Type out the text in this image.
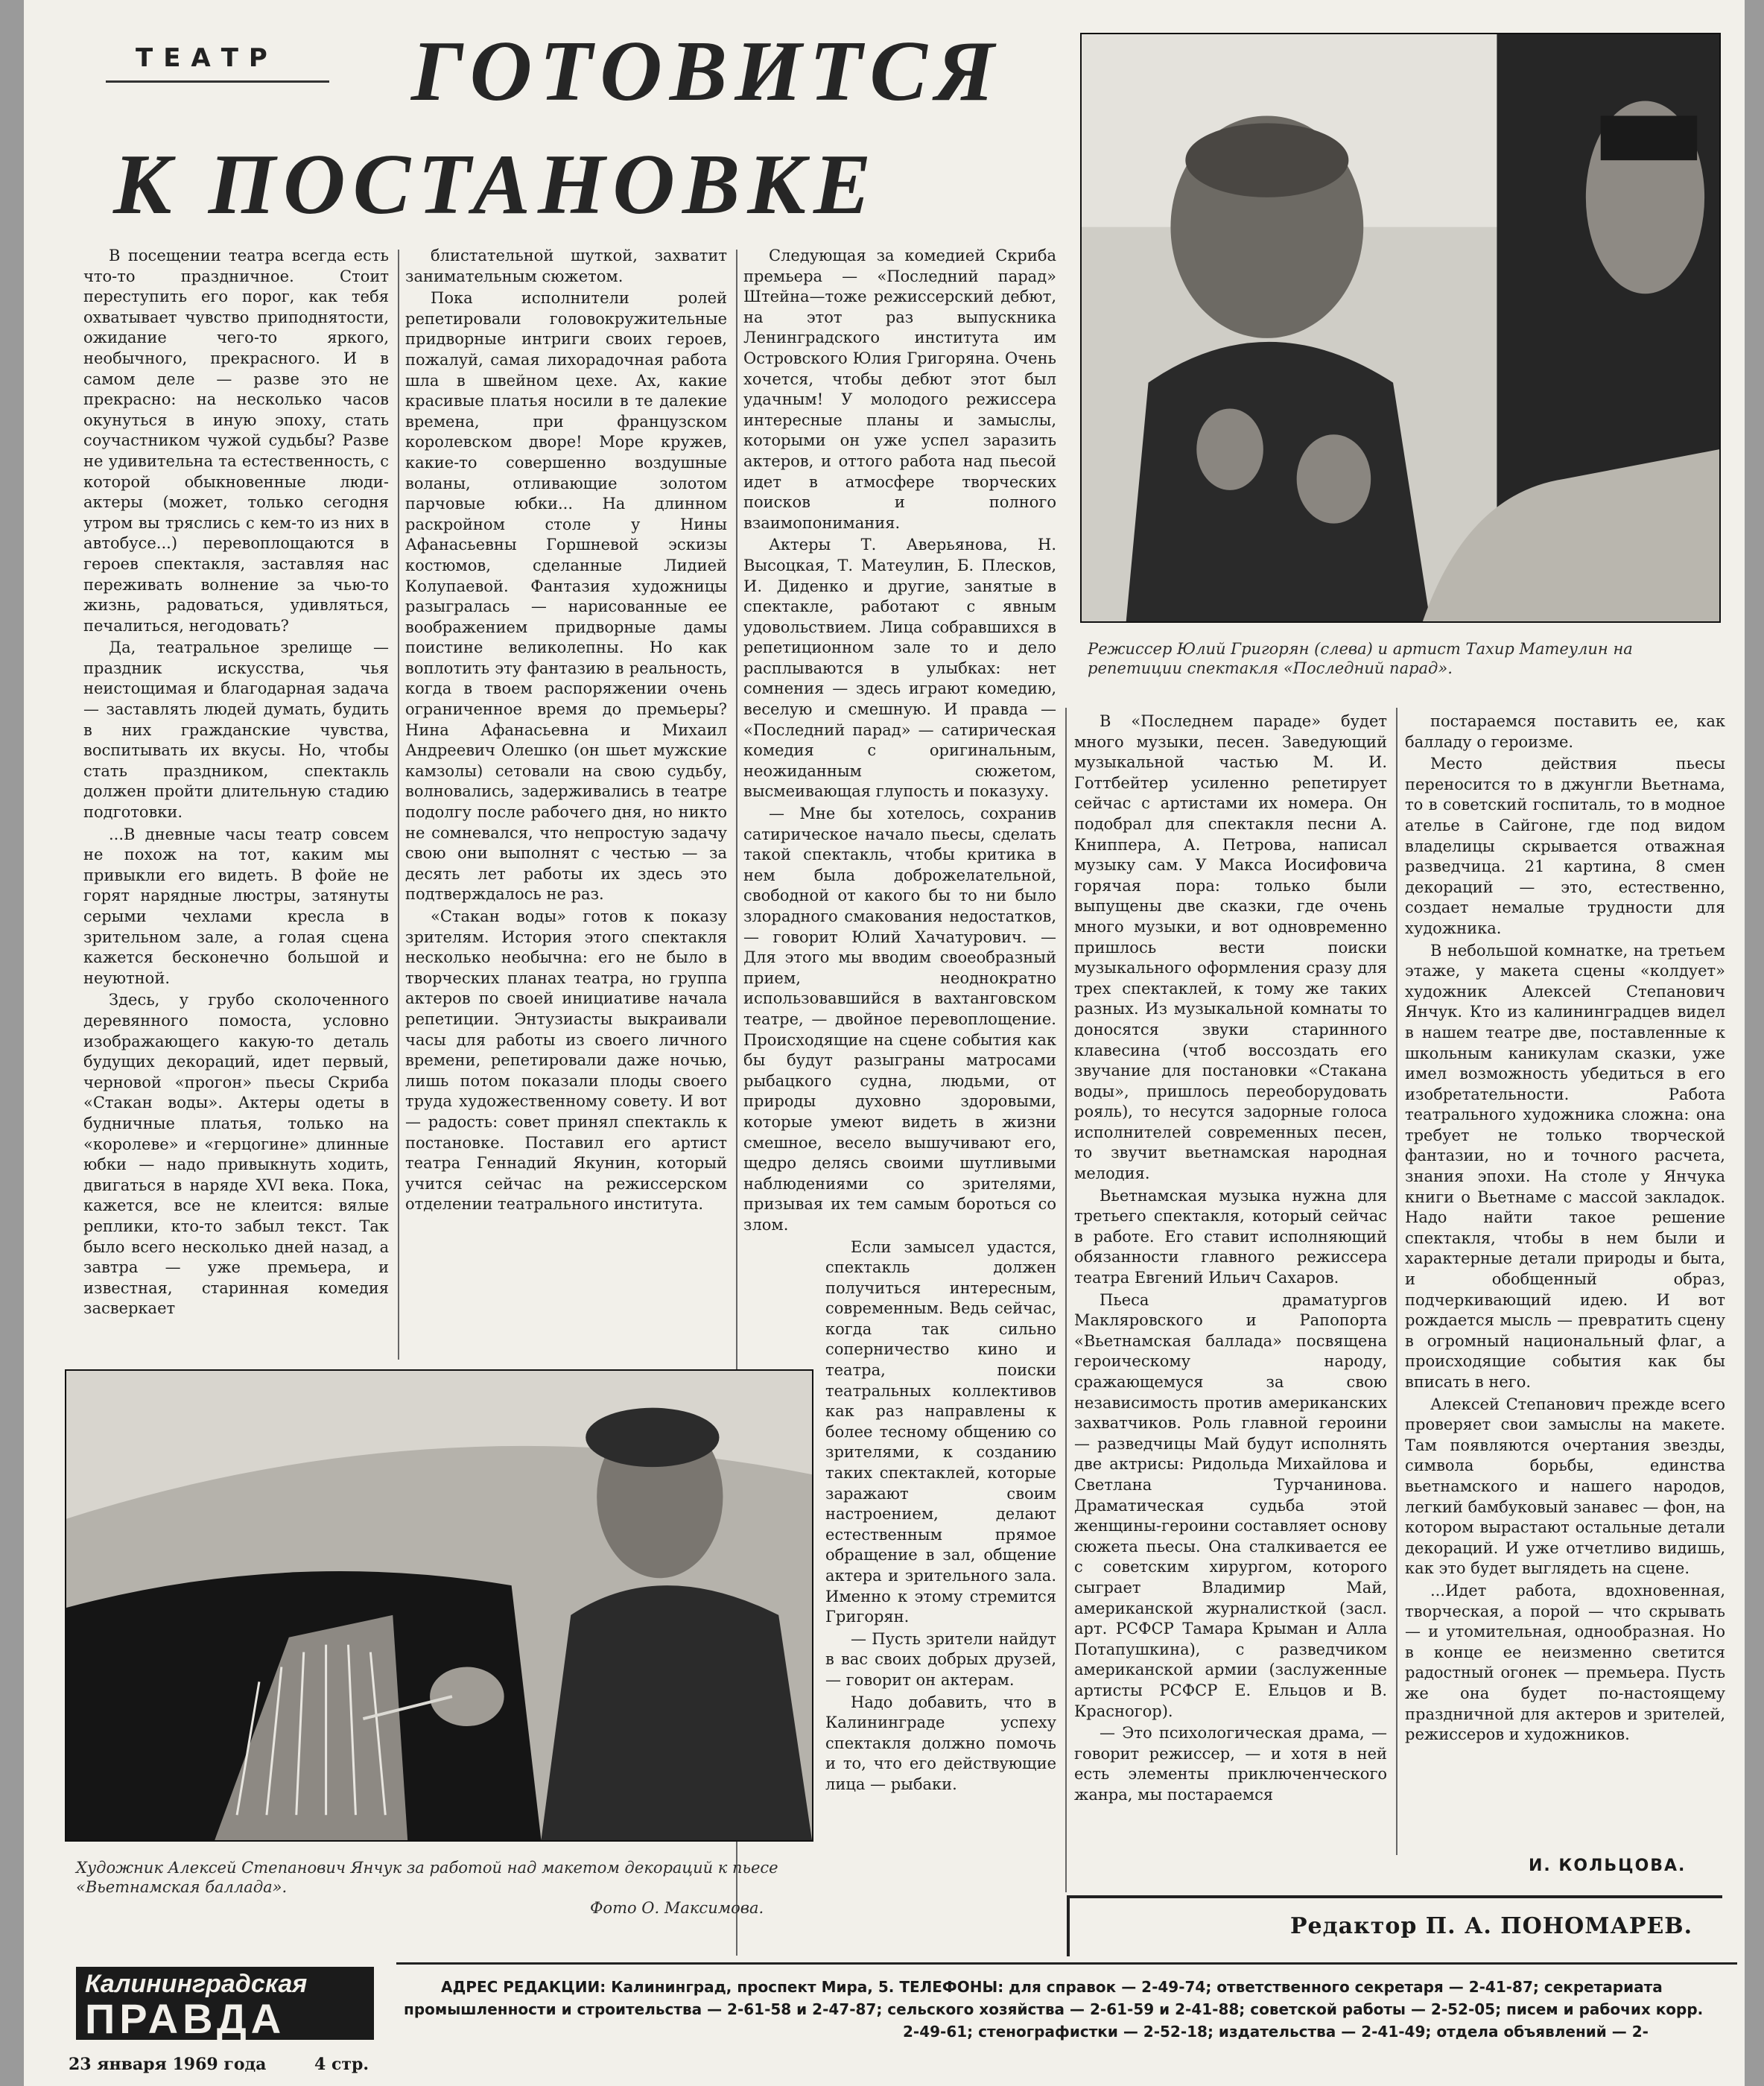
ТЕАТР ГОТОВИТСЯ
К ПОСТАНОВКЕ
Режиссер Юлий Григорян (слева) и артист Тахир Матеулин на репетиции спектакля «Последний парад».

В посещении театра всегда есть что-то праздничное. Стоит переступить его порог, как тебя охватывает чувство приподнятости, ожидание чего-то яркого, необычного, прекрасного. И в самом деле — разве это не прекрасно: на несколько часов окунуться в иную эпоху, стать соучастником чужой судьбы? Разве не удивительна та естественность, с которой обыкновенные люди-актеры (может, только сегодня утром вы тряслись с кем-то из них в автобусе...) перевоплощаются в героев спектакля, заставляя нас переживать волнение за чью-то жизнь, радоваться, удивляться, печалиться, негодовать?

Да, театральное зрелище — праздник искусства, чья неистощимая и благодарная задача — заставлять людей думать, будить в них гражданские чувства, воспитывать их вкусы. Но, чтобы стать праздником, спектакль должен пройти длительную стадию подготовки.

...В дневные часы театр совсем не похож на тот, каким мы привыкли его видеть. В фойе не горят нарядные люстры, затянуты серыми чехлами кресла в зрительном зале, а голая сцена кажется бесконечно большой и неуютной.

Здесь, у грубо сколоченного деревянного помоста, условно изображающего какую-то деталь будущих декораций, идет первый, черновой «прогон» пьесы Скриба «Стакан воды». Актеры одеты в будничные платья, только на «королеве» и «герцогине» длинные юбки — надо привыкнуть ходить, двигаться в наряде XVI века. Пока, кажется, все не клеится: вялые реплики, кто-то забыл текст. Так было всего несколько дней назад, а завтра — уже премьера, и известная, старинная комедия засверкает

блистательной шуткой, захватит занимательным сюжетом.

Пока исполнители ролей репетировали головокружительные придворные интриги своих героев, пожалуй, самая лихорадочная работа шла в швейном цехе. Ах, какие красивые платья носили в те далекие времена, при французском королевском дворе! Море кружев, какие-то совершенно воздушные воланы, отливающие золотом парчовые юбки... На длинном раскройном столе у Нины Афанасьевны Горшневой эскизы костюмов, сделанные Лидией Колупаевой. Фантазия художницы разыгралась — нарисованные ее воображением придворные дамы поистине великолепны. Но как воплотить эту фантазию в реальность, когда в твоем распоряжении очень ограниченное время до премьеры? Нина Афанасьевна и Михаил Андреевич Олешко (он шьет мужские камзолы) сетовали на свою судьбу, волновались, задерживались в театре подолгу после рабочего дня, но никто не сомневался, что непростую задачу свою они выполнят с честью — за десять лет работы их здесь это подтверждалось не раз.

«Стакан воды» готов к показу зрителям. История этого спектакля несколько необычна: его не было в творческих планах театра, но группа актеров по своей инициативе начала репетиции. Энтузиасты выкраивали часы для работы из своего личного времени, репетировали даже ночью, лишь потом показали плоды своего труда художественному совету. И вот — радость: совет принял спектакль к постановке. Поставил его артист театра Геннадий Якунин, который учится сейчас на режиссерском отделении театрального института.

Следующая за комедией Скриба премьера — «Последний парад» Штейна—тоже режиссерский дебют, на этот раз выпускника Ленинградского института им Островского Юлия Григоряна. Очень хочется, чтобы дебют этот был удачным! У молодого режиссера интересные планы и замыслы, которыми он уже успел заразить актеров, и оттого работа над пьесой идет в атмосфере творческих поисков и полного взаимопонимания.

Актеры Т. Аверьянова, Н. Высоцкая, Т. Матеулин, Б. Плесков, И. Диденко и другие, занятые в спектакле, работают с явным удовольствием. Лица собравшихся в репетиционном зале то и дело расплываются в улыбках: нет сомнения — здесь играют комедию, веселую и смешную. И правда — «Последний парад» — сатирическая комедия с оригинальным, неожиданным сюжетом, высмеивающая глупость и показуху.

— Мне бы хотелось, сохранив сатирическое начало пьесы, сделать такой спектакль, чтобы критика в нем была доброжелательной, свободной от какого бы то ни было злорадного смакования недостатков,— говорит Юлий Хачатурович. — Для этого мы вводим своеобразный прием, неоднократно использовавшийся в вахтанговском театре, — двойное перевоплощение. Происходящие на сцене события как бы будут разыграны матросами рыбацкого судна, людьми, от природы духовно здоровыми, которые умеют видеть в жизни смешное, весело вышучивают его, щедро делясь своими шутливыми наблюдениями со зрителями, призывая их тем самым бороться со злом.

Если замысел удастся, спектакль должен получиться интересным, современным. Ведь сейчас, когда так сильно соперничество кино и театра, поиски театральных коллективов как раз направлены к более тесному общению со зрителями, к созданию таких спектаклей, которые заражают своим настроением, делают естественным прямое обращение в зал, общение актера и зрительного зала. Именно к этому стремится Григорян.

— Пусть зрители найдут в вас своих добрых друзей,— говорит он актерам.

Надо добавить, что в Калининграде успеху спектакля должно помочь и то, что его действующие лица — рыбаки.

Художник Алексей Степанович Янчук за работой над макетом декораций к пьесе «Вьетнамская баллада».
Фото О. Максимова.

В «Последнем параде» будет много музыки, песен. Заведующий музыкальной частью М. И. Готтбейтер усиленно репетирует сейчас с артистами их номера. Он подобрал для спектакля песни А. Книппера, А. Петрова, написал музыку сам. У Макса Иосифовича горячая пора: только были выпущены две сказки, где очень много музыки, и вот одновременно пришлось вести поиски музыкального оформления сразу для трех спектаклей, к тому же таких разных. Из музыкальной комнаты то доносятся звуки старинного клавесина (чтоб воссоздать его звучание для постановки «Стакана воды», пришлось переоборудовать рояль), то несутся задорные голоса исполнителей современных песен, то звучит вьетнамская народная мелодия.

Вьетнамская музыка нужна для третьего спектакля, который сейчас в работе. Его ставит исполняющий обязанности главного режиссера театра Евгений Ильич Сахаров.

Пьеса драматургов Макляровского и Рапопорта «Вьетнамская баллада» посвящена героическому народу, сражающемуся за свою независимость против американских захватчиков. Роль главной героини — разведчицы Май будут исполнять две актрисы: Ридольда Михайлова и Светлана Турчанинова. Драматическая судьба этой женщины-героини составляет основу сюжета пьесы. Она сталкивается ее с советским хирургом, которого сыграет Владимир Май, американской журналисткой (засл. арт. РСФСР Тамара Крыман и Алла Потапушкина), с разведчиком американской армии (заслуженные артисты РСФСР Е. Ельцов и В. Красногор).

— Это психологическая драма, — говорит режиссер, — и хотя в ней есть элементы приключенческого жанра, мы постараемся

постараемся поставить ее, как балладу о героизме.

Место действия пьесы переносится то в джунгли Вьетнама, то в советский госпиталь, то в модное ателье в Сайгоне, где под видом владелицы скрывается отважная разведчица. 21 картина, 8 смен декораций — это, естественно, создает немалые трудности для художника.

В небольшой комнатке, на третьем этаже, у макета сцены «колдует» художник Алексей Степанович Янчук. Кто из калининградцев видел в нашем театре две, поставленные к школьным каникулам сказки, уже имел возможность убедиться в его изобретательности. Работа театрального художника сложна: она требует не только творческой фантазии, но и точного расчета, знания эпохи. На столе у Янчука книги о Вьетнаме с массой закладок. Надо найти такое решение спектакля, чтобы в нем были и характерные детали природы и быта, и обобщенный образ, подчеркивающий идею. И вот рождается мысль — превратить сцену в огромный национальный флаг, а происходящие события как бы вписать в него.

Алексей Степанович прежде всего проверяет свои замыслы на макете. Там появляются очертания звезды, символа борьбы, единства вьетнамского и нашего народов, легкий бамбуковый занавес — фон, на котором вырастают остальные детали декораций. И уже отчетливо видишь, как это будет выглядеть на сцене.

...Идет работа, вдохновенная, творческая, а порой — что скрывать — и утомительная, однообразная. Но в конце ее неизменно светится радостный огонек — премьера. Пусть же она будет по-настоящему праздничной для актеров и зрителей, режиссеров и художников.

И. КОЛЬЦОВА.
Редактор П. А. ПОНОМАРЕВ.
Калининградская
ПРАВДА
23 января 1969 года	4 стр.
АДРЕС РЕДАКЦИИ: Калининград, проспект Мира, 5. ТЕЛЕФОНЫ: для справок — 2-49-74; ответственного секретаря — 2-41-87; секретариата
промышленности и строительства — 2-61-58 и 2-47-87; сельского хозяйства — 2-61-59 и 2-41-88; советской работы — 2-52-05; писем и рабочих корр.
2-49-61; стенографистки — 2-52-18; издательства — 2-41-49; отдела объявлений — 2-
